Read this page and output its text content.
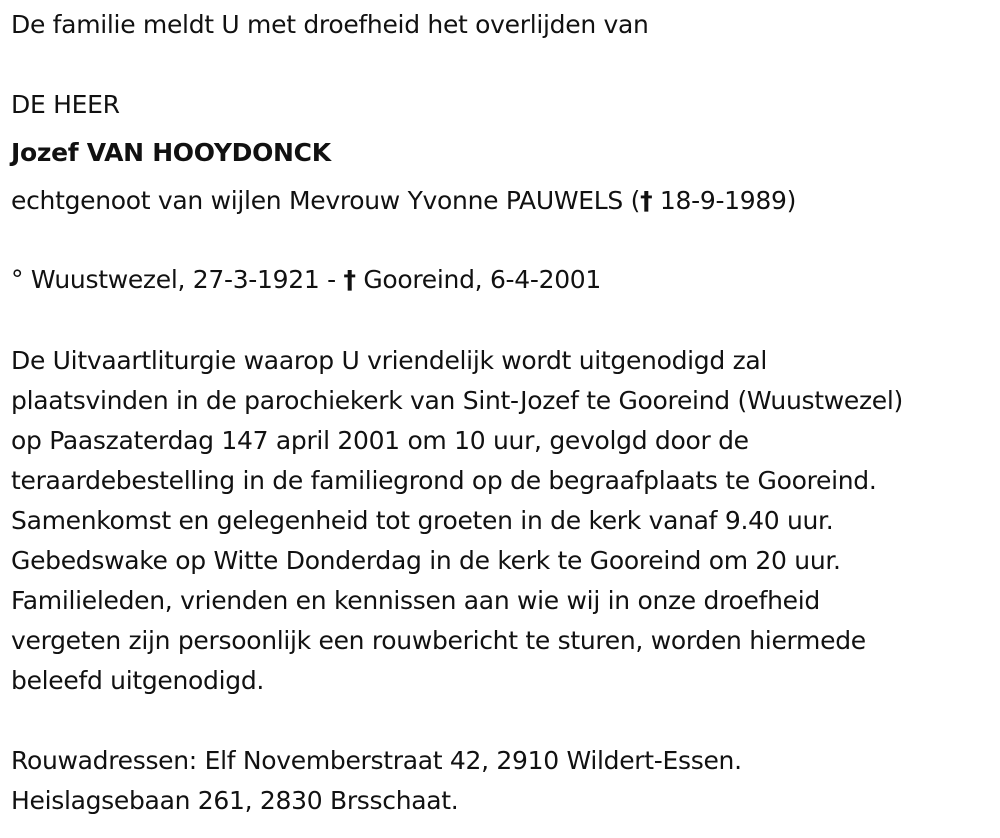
De familie meldt U met droefheid het overlijden van
DE HEER
Jozef VAN HOOYDONCK
echtgenoot van wijlen Mevrouw Yvonne PAUWELS († 18-9-1989)
° Wuustwezel, 27-3-1921 - † Gooreind, 6-4-2001
De Uitvaartliturgie waarop U vriendelijk wordt uitgenodigd zal
plaatsvinden in de parochiekerk van Sint-Jozef te Gooreind (Wuustwezel)
op Paaszaterdag 147 april 2001 om 10 uur, gevolgd door de
teraardebestelling in de familiegrond op de begraafplaats te Gooreind.
Samenkomst en gelegenheid tot groeten in de kerk vanaf 9.40 uur.
Gebedswake op Witte Donderdag in de kerk te Gooreind om 20 uur.
Familieleden, vrienden en kennissen aan wie wij in onze droefheid
vergeten zijn persoonlijk een rouwbericht te sturen, worden hiermede
beleefd uitgenodigd.
Rouwadressen: Elf Novemberstraat 42, 2910 Wildert-Essen.
Heislagsebaan 261, 2830 Brsschaat.
